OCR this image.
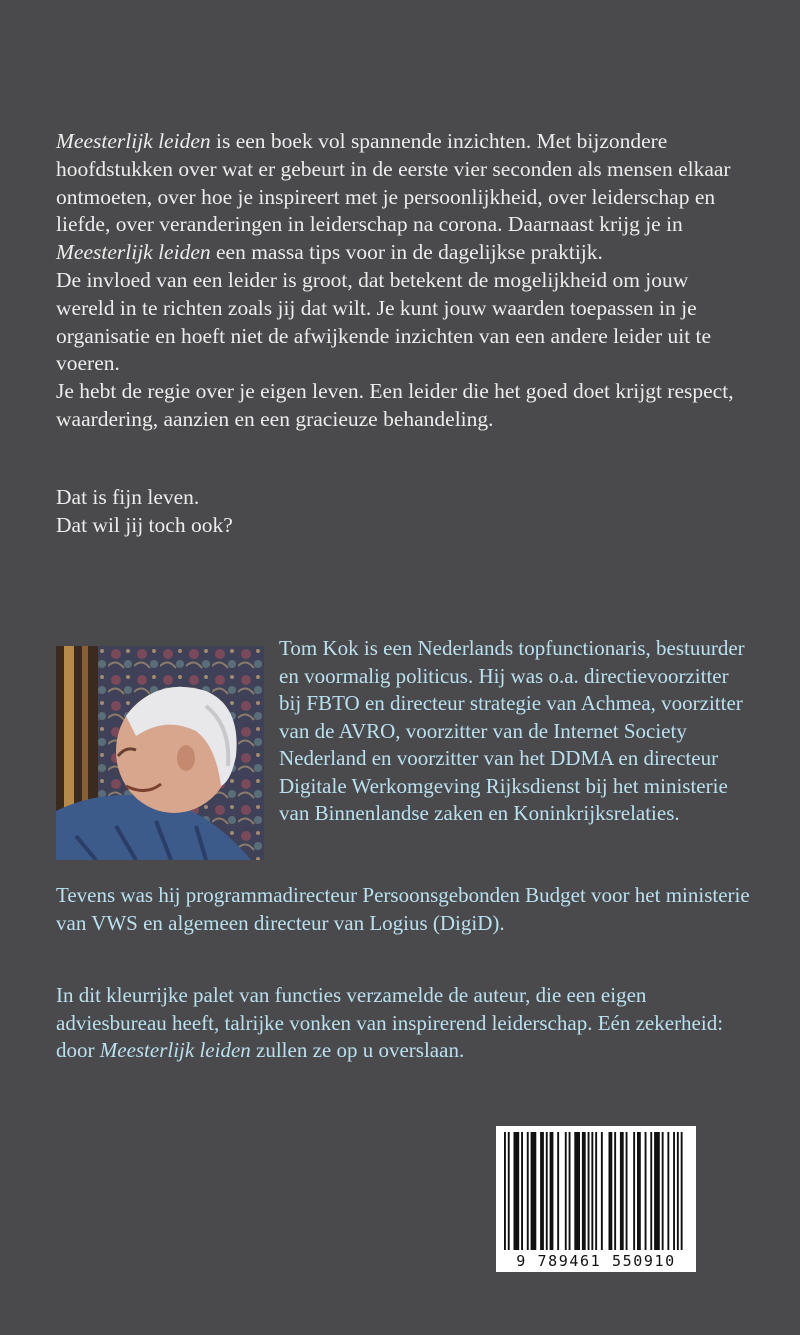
Meesterlijk leiden is een boek vol spannende inzichten. Met bijzondere hoofdstukken over wat er gebeurt in de eerste vier seconden als mensen elkaar ontmoeten, over hoe je inspireert met je persoonlijkheid, over leiderschap en liefde, over veranderingen in leiderschap na corona. Daarnaast krijg je in Meesterlijk leiden een massa tips voor in de dagelijkse praktijk.

De invloed van een leider is groot, dat betekent de mogelijkheid om jouw wereld in te richten zoals jij dat wilt. Je kunt jouw waarden toepassen in je organisatie en hoeft niet de afwijkende inzichten van een andere leider uit te voeren.

Je hebt de regie over je eigen leven. Een leider die het goed doet krijgt respect, waardering, aanzien en een gracieuze behandeling.

Dat is fijn leven.

Dat wil jij toch ook?

Tom Kok is een Nederlands topfunctionaris, bestuurder en voormalig politicus. Hij was o.a. directievoorzitter bij FBTO en directeur strategie van Achmea, voorzitter van de AVRO, voorzitter van de Internet Society Nederland en voorzitter van het DDMA en directeur Digitale Werkomgeving Rijksdienst bij het ministerie van Binnenlandse zaken en Koninkrijksrelaties.

Tevens was hij programmadirecteur Persoonsgebonden Budget voor het ministerie van VWS en algemeen directeur van Logius (DigiD).

In dit kleurrijke palet van functies verzamelde de auteur, die een eigen adviesbureau heeft, talrijke vonken van inspirerend leiderschap. Eén zekerheid: door Meesterlijk leiden zullen ze op u overslaan.

9 789461 550910
